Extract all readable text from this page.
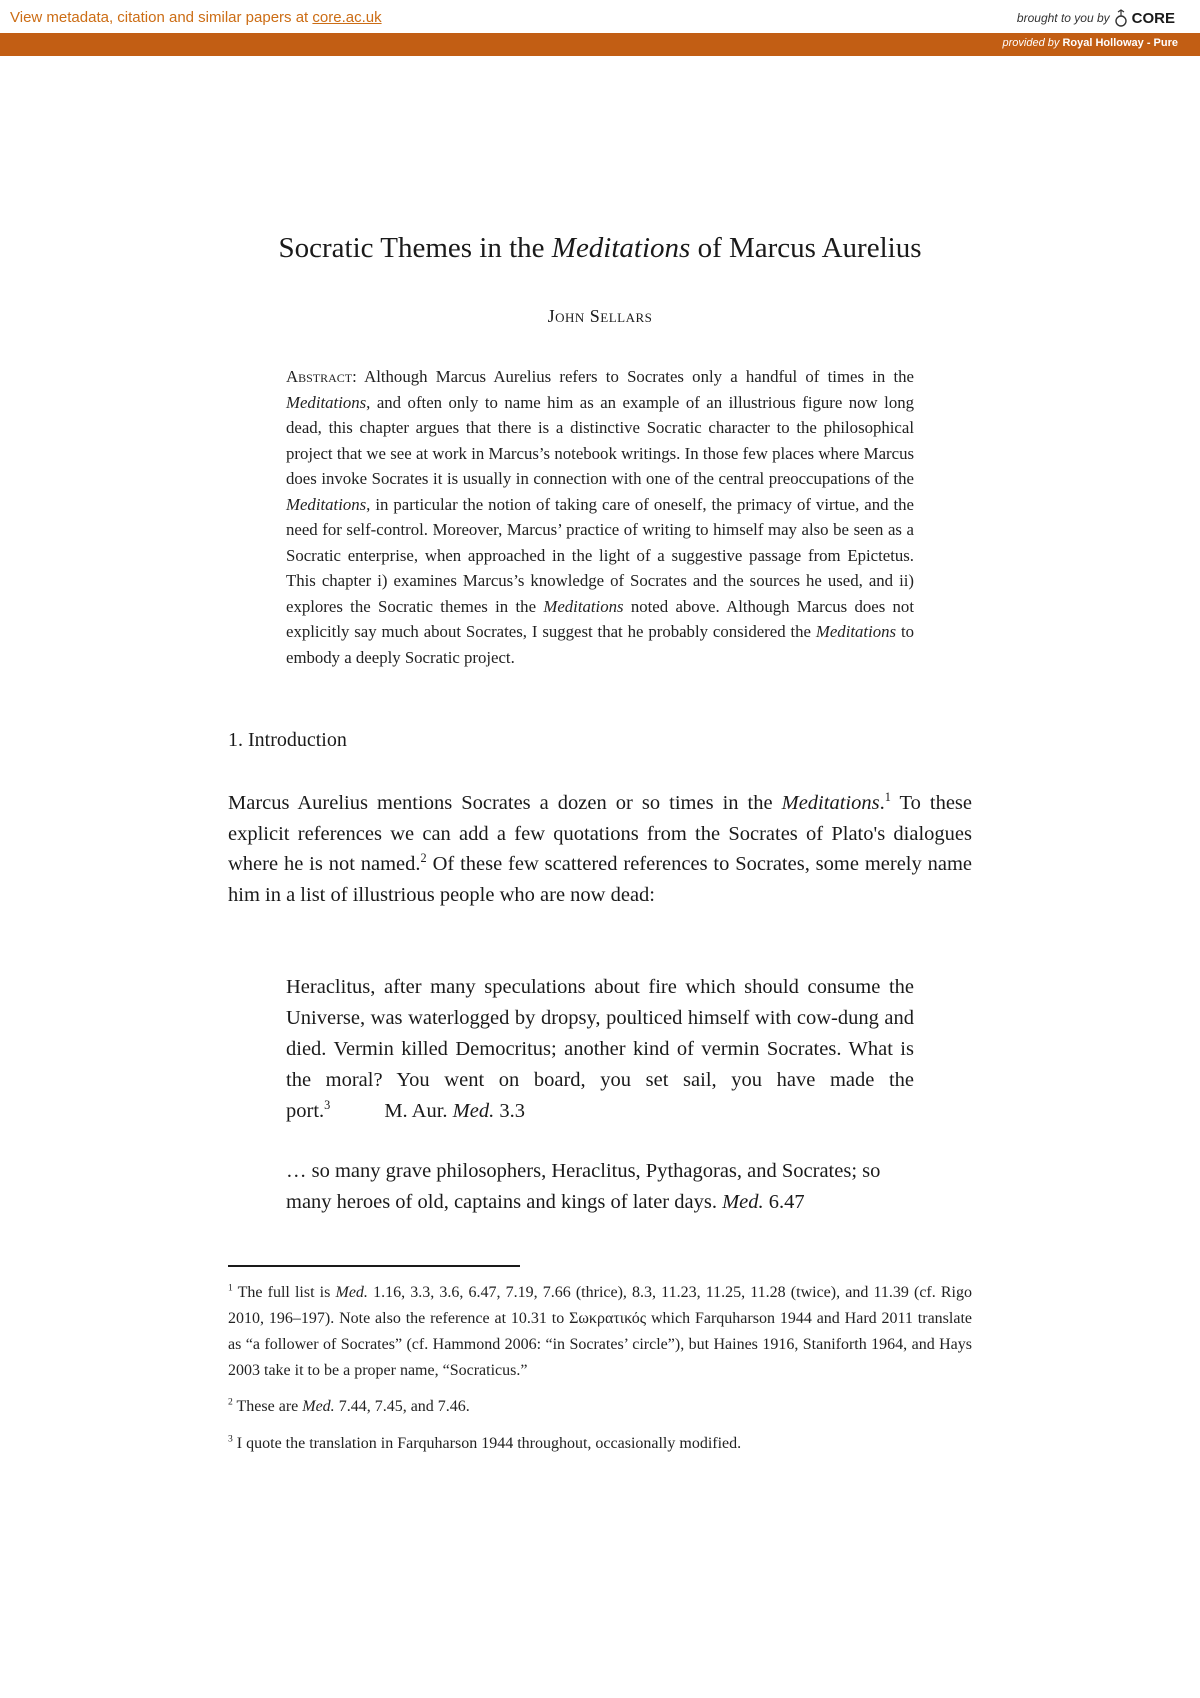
View metadata, citation and similar papers at core.ac.uk	brought to you by CORE
provided by Royal Holloway - Pure
Socratic Themes in the Meditations of Marcus Aurelius
John Sellars
Abstract: Although Marcus Aurelius refers to Socrates only a handful of times in the Meditations, and often only to name him as an example of an illustrious figure now long dead, this chapter argues that there is a distinctive Socratic character to the philosophical project that we see at work in Marcus’s notebook writings. In those few places where Marcus does invoke Socrates it is usually in connection with one of the central preoccupations of the Meditations, in particular the notion of taking care of oneself, the primacy of virtue, and the need for self-control. Moreover, Marcus’ practice of writing to himself may also be seen as a Socratic enterprise, when approached in the light of a suggestive passage from Epictetus. This chapter i) examines Marcus’s knowledge of Socrates and the sources he used, and ii) explores the Socratic themes in the Meditations noted above. Although Marcus does not explicitly say much about Socrates, I suggest that he probably considered the Meditations to embody a deeply Socratic project.
1. Introduction
Marcus Aurelius mentions Socrates a dozen or so times in the Meditations.$^1$ To these explicit references we can add a few quotations from the Socrates of Plato's dialogues where he is not named.$^2$ Of these few scattered references to Socrates, some merely name him in a list of illustrious people who are now dead:
Heraclitus, after many speculations about fire which should consume the Universe, was waterlogged by dropsy, poulticed himself with cow-dung and died. Vermin killed Democritus; another kind of vermin Socrates. What is the moral? You went on board, you set sail, you have made the port.$^3$	M. Aur. Med. 3.3
… so many grave philosophers, Heraclitus, Pythagoras, and Socrates; so many heroes of old, captains and kings of later days. Med. 6.47
$^1$ The full list is Med. 1.16, 3.3, 3.6, 6.47, 7.19, 7.66 (thrice), 8.3, 11.23, 11.25, 11.28 (twice), and 11.39 (cf. Rigo 2010, 196–197). Note also the reference at 10.31 to Σωκρατικός which Farquharson 1944 and Hard 2011 translate as “a follower of Socrates” (cf. Hammond 2006: “in Socrates’ circle”), but Haines 1916, Staniforth 1964, and Hays 2003 take it to be a proper name, “Socraticus.”
$^2$ These are Med. 7.44, 7.45, and 7.46.
$^3$ I quote the translation in Farquharson 1944 throughout, occasionally modified.
